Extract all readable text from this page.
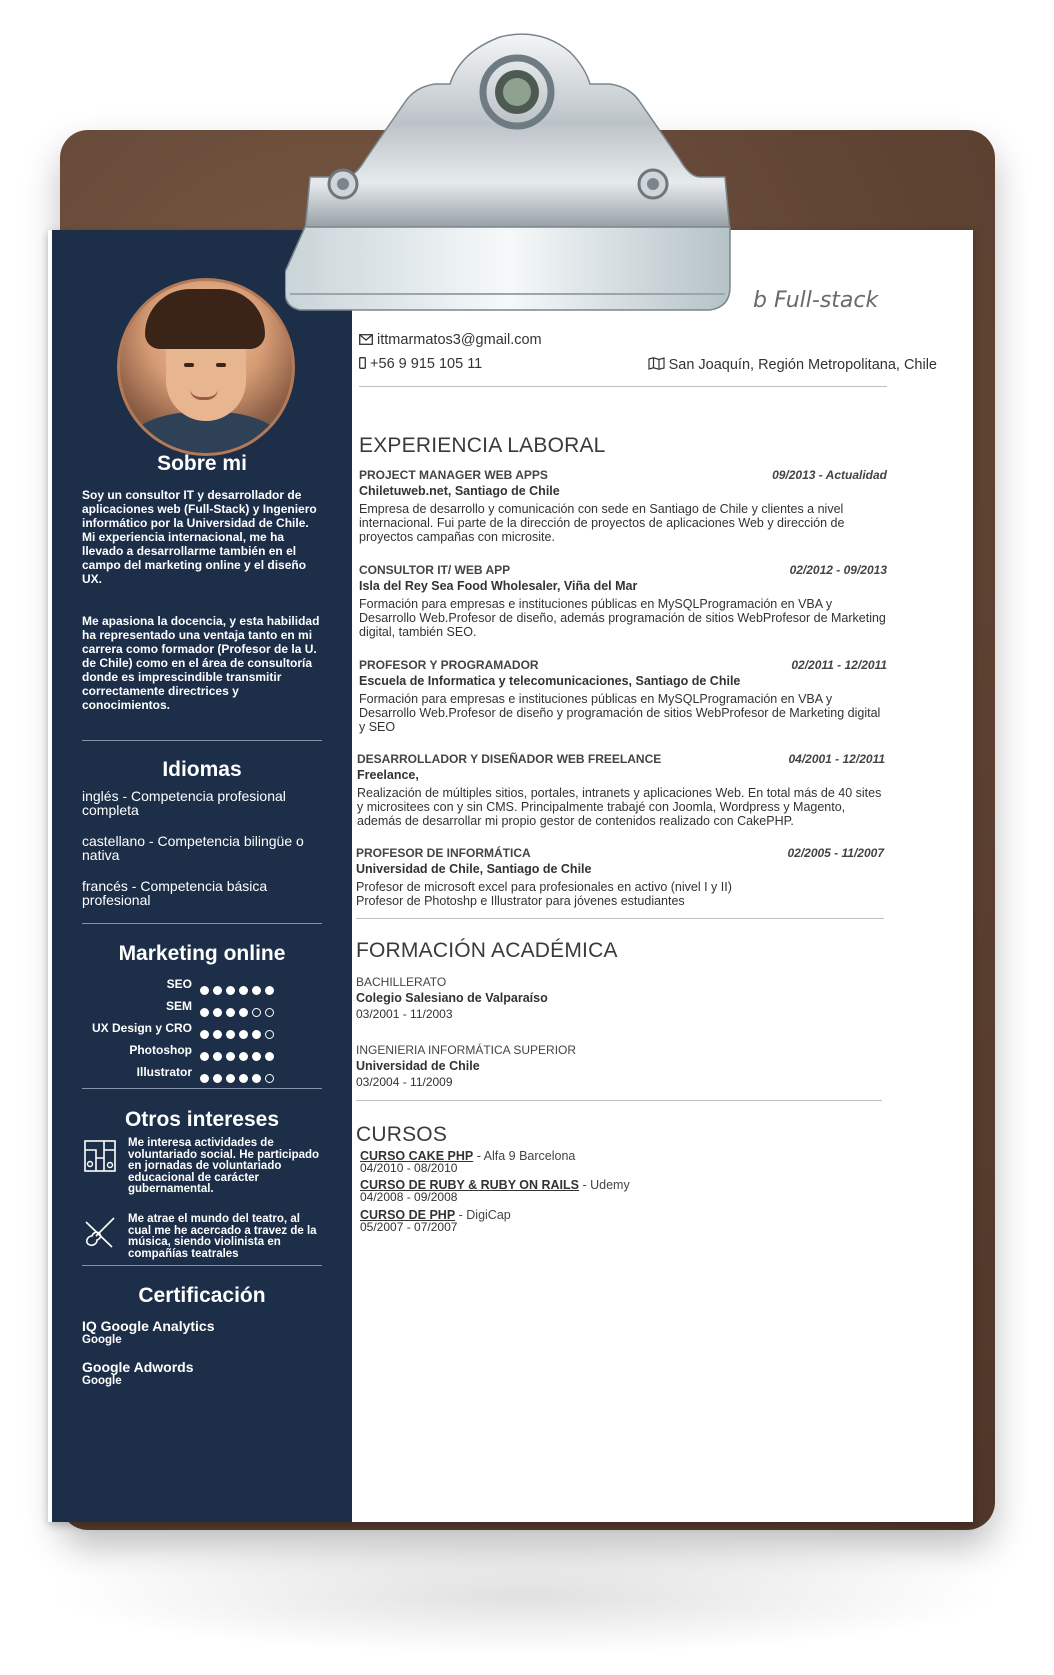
Sobre mi
Soy un consultor IT y desarrollador de aplicaciones web (Full-Stack) y Ingeniero informático por la Universidad de Chile.
Mi experiencia internacional, me ha llevado a desarrollarme también en el campo del marketing online y el diseño UX.
Me apasiona la docencia, y esta habilidad ha representado una ventaja tanto en mi carrera como formador (Profesor de la U. de Chile) como en el área de consultoría donde es imprescindible transmitir correctamente directrices y conocimientos.
Idiomas
inglés - Competencia profesional completa
castellano - Competencia bilingüe o nativa
francés - Competencia básica profesional
Marketing online
SEO
SEM
UX Design y CRO
Photoshop
Illustrator
Otros intereses
Me interesa actividades de voluntariado social. He participado en jornadas de voluntariado educacional de carácter gubernamental.
Me atrae el mundo del teatro, al cual me he acercado a travez de la música, siendo violinista en compañías teatrales
Certificación
IQ Google Analytics
Google
Google Adwords
Google
b Full-stack
ittmarmatos3@gmail.com
+56 9 915 105 11	San Joaquín, Región Metropolitana, Chile
EXPERIENCIA LABORAL
PROJECT MANAGER WEB APPS	09/2013 - Actualidad
Chiletuweb.net, Santiago de Chile
Empresa de desarrollo y comunicación con sede en Santiago de Chile y clientes a nivel internacional. Fui parte de la dirección de proyectos de aplicaciones Web y dirección de proyectos campañas con microsite.
CONSULTOR IT/ WEB APP	02/2012 - 09/2013
Isla del Rey Sea Food Wholesaler, Viña del Mar
Formación para empresas e instituciones públicas en MySQLProgramación en VBA y Desarrollo Web.Profesor de diseño, además programación de sitios WebProfesor de Marketing digital, también SEO.
PROFESOR Y PROGRAMADOR	02/2011 - 12/2011
Escuela de Informatica y telecomunicaciones, Santiago de Chile
Formación para empresas e instituciones públicas en MySQLProgramación en VBA y Desarrollo Web.Profesor de diseño y programación de sitios WebProfesor de Marketing digital y SEO
DESARROLLADOR Y DISEÑADOR WEB FREELANCE	04/2001 - 12/2011
Freelance,
Realización de múltiples sitios, portales, intranets y aplicaciones Web. En total más de 40 sites y micrositees con y sin CMS. Principalmente trabajé con Joomla, Wordpress y Magento, además de desarrollar mi propio gestor de contenidos realizado con CakePHP.
PROFESOR DE INFORMÁTICA	02/2005 - 11/2007
Universidad de Chile, Santiago de Chile
Profesor de microsoft excel para profesionales en activo (nivel I y II)
Profesor de Photoshp e Illustrator para jóvenes estudiantes
FORMACIÓN ACADÉMICA
BACHILLERATO
Colegio Salesiano de Valparaíso
03/2001 - 11/2003
INGENIERIA INFORMÁTICA SUPERIOR
Universidad de Chile
03/2004 - 11/2009
CURSOS
CURSO CAKE PHP - Alfa 9 Barcelona
04/2010 - 08/2010
CURSO DE RUBY & RUBY ON RAILS - Udemy
04/2008 - 09/2008
CURSO DE PHP - DigiCap
05/2007 - 07/2007
